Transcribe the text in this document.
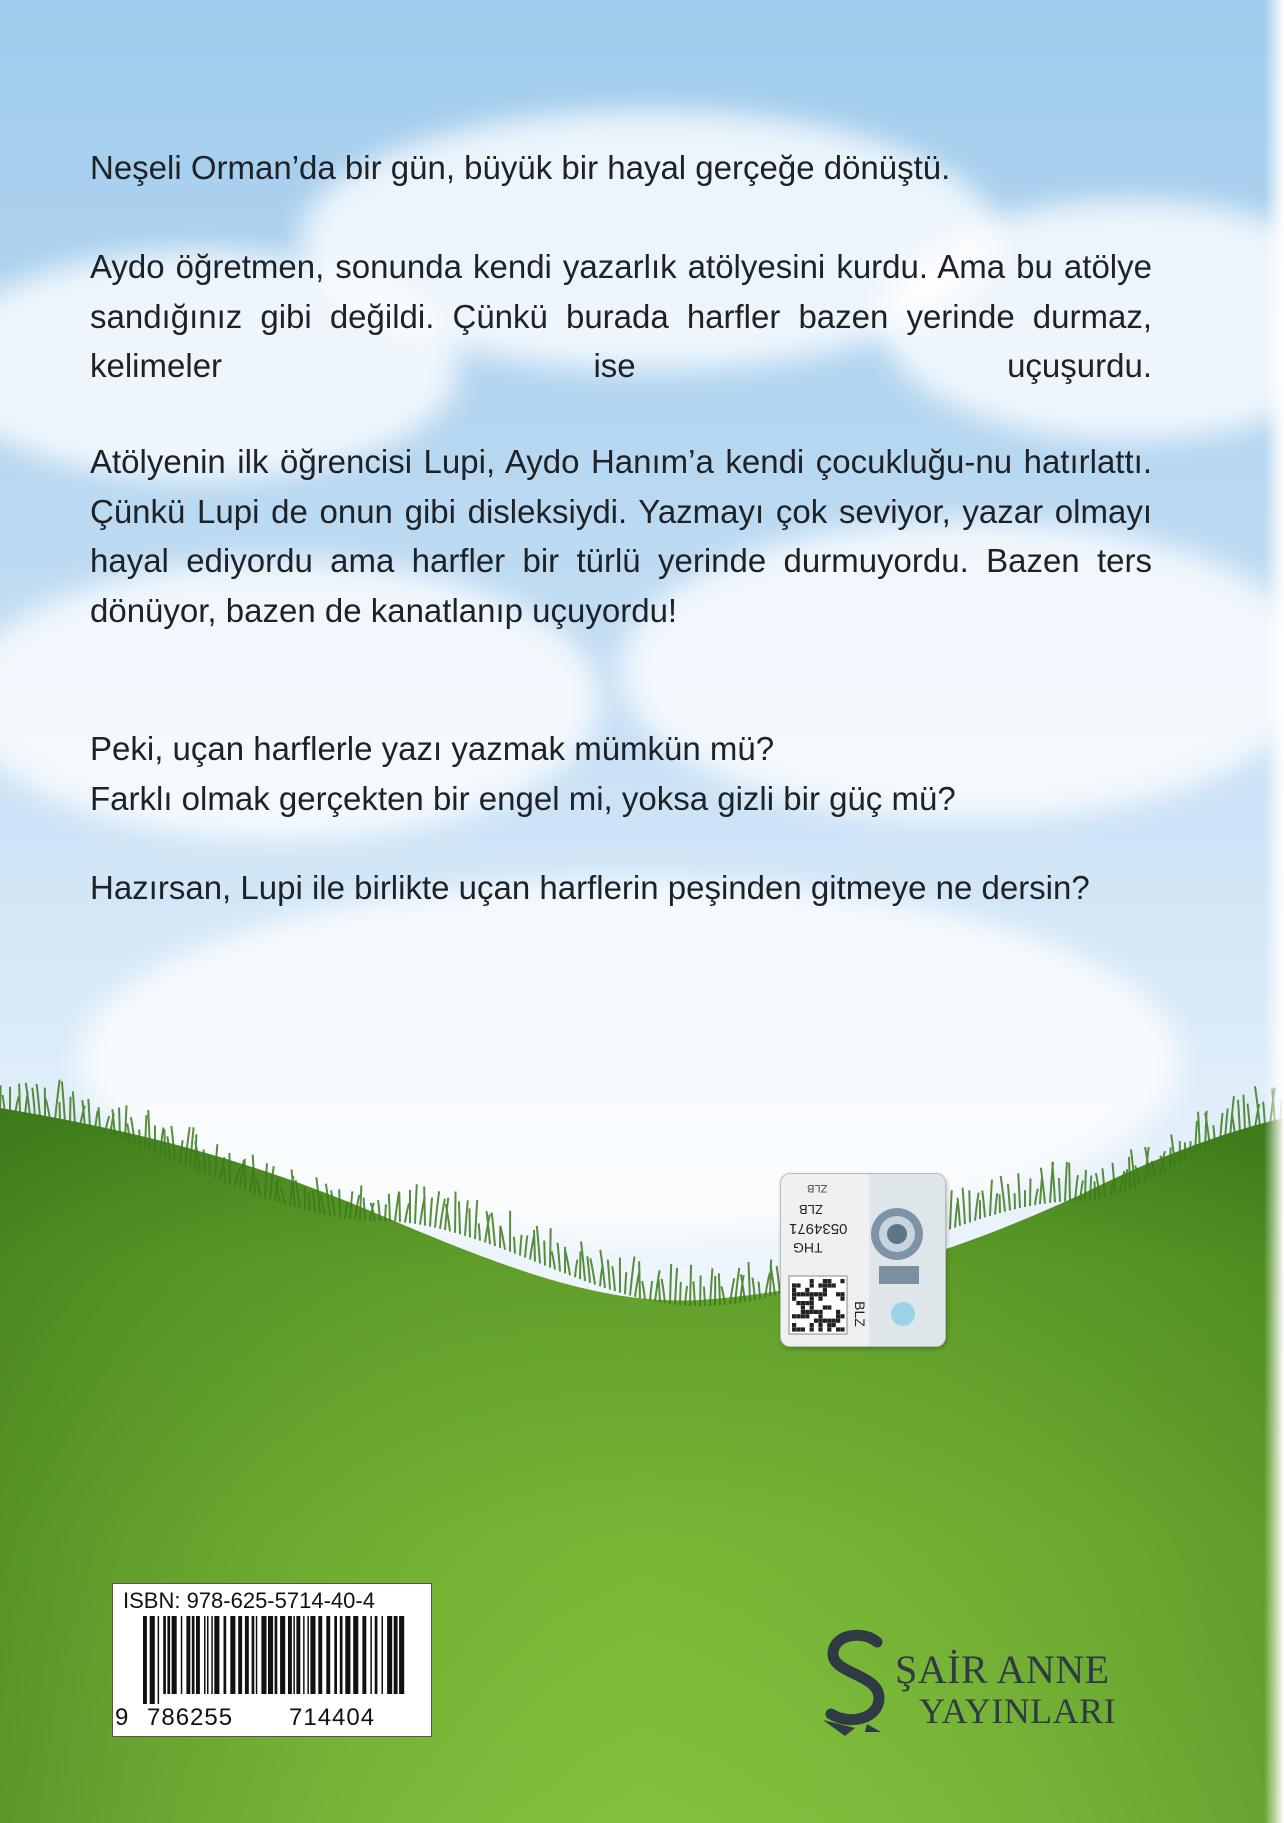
Neşeli Orman’da bir gün, büyük bir hayal gerçeğe dönüştü.

Aydo öğretmen, sonunda kendi yazarlık atölyesini kurdu. Ama bu atölye sandığınız gibi değildi. Çünkü burada harfler bazen yerinde durmaz, kelimeler ise uçuşurdu.

Atölyenin ilk öğrencisi Lupi, Aydo Hanım’a kendi çocukluğu-nu hatırlattı. Çünkü Lupi de onun gibi disleksiydi. Yazmayı çok seviyor, yazar olmayı hayal ediyordu ama harfler bir türlü yerinde durmuyordu. Bazen ters dönüyor, bazen de kanatlanıp uçuyordu!

Peki, uçan harflerle yazı yazmak mümkün mü?

Farklı olmak gerçekten bir engel mi, yoksa gizli bir güç mü?

Hazırsan, Lupi ile birlikte uçan harflerin peşinden gitmeye ne dersin?

THG
0534971
ZLB
ZLB
BLZ
ISBN: 978-625-5714-40-4
9 786255 714404
ŞAİR ANNE
YAYINLARI
